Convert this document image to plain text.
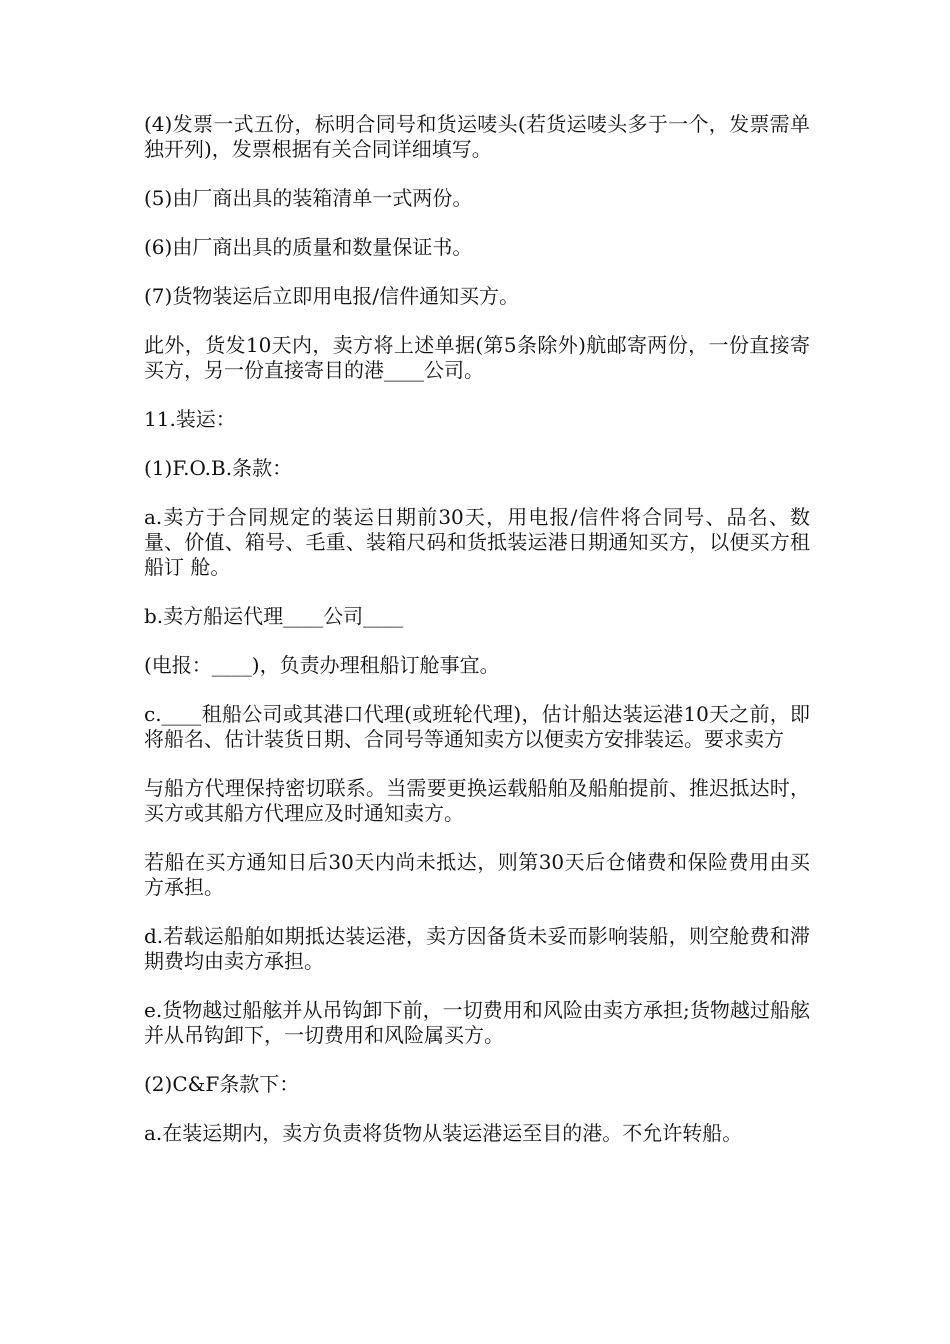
(4)发票一式五份，标明合同号和货运唛头(若货运唛头多于一个，发票需单独开列)，发票根据有关合同详细填写。

(5)由厂商出具的装箱清单一式两份。

(6)由厂商出具的质量和数量保证书。

(7)货物装运后立即用电报/信件通知买方。

此外，货发10天内，卖方将上述单据(第5条除外)航邮寄两份，一份直接寄买方，另一份直接寄目的港____公司。

11.装运：

(1)F.O.B.条款：

a.卖方于合同规定的装运日期前30天，用电报/信件将合同号、品名、数量、价值、箱号、毛重、装箱尺码和货抵装运港日期通知买方，以便买方租船订 舱。

b.卖方船运代理____公司____

(电报：____)，负责办理租船订舱事宜。

c.____租船公司或其港口代理(或班轮代理)，估计船达装运港10天之前，即将船名、估计装货日期、合同号等通知卖方以便卖方安排装运。要求卖方

与船方代理保持密切联系。当需要更换运载船舶及船舶提前、推迟抵达时，买方或其船方代理应及时通知卖方。

若船在买方通知日后30天内尚未抵达，则第30天后仓储费和保险费用由买方承担。

d.若载运船舶如期抵达装运港，卖方因备货未妥而影响装船，则空舱费和滞期费均由卖方承担。

e.货物越过船舷并从吊钩卸下前，一切费用和风险由卖方承担;货物越过船舷并从吊钩卸下，一切费用和风险属买方。

(2)C&F条款下：

a.在装运期内，卖方负责将货物从装运港运至目的港。不允许转船。
